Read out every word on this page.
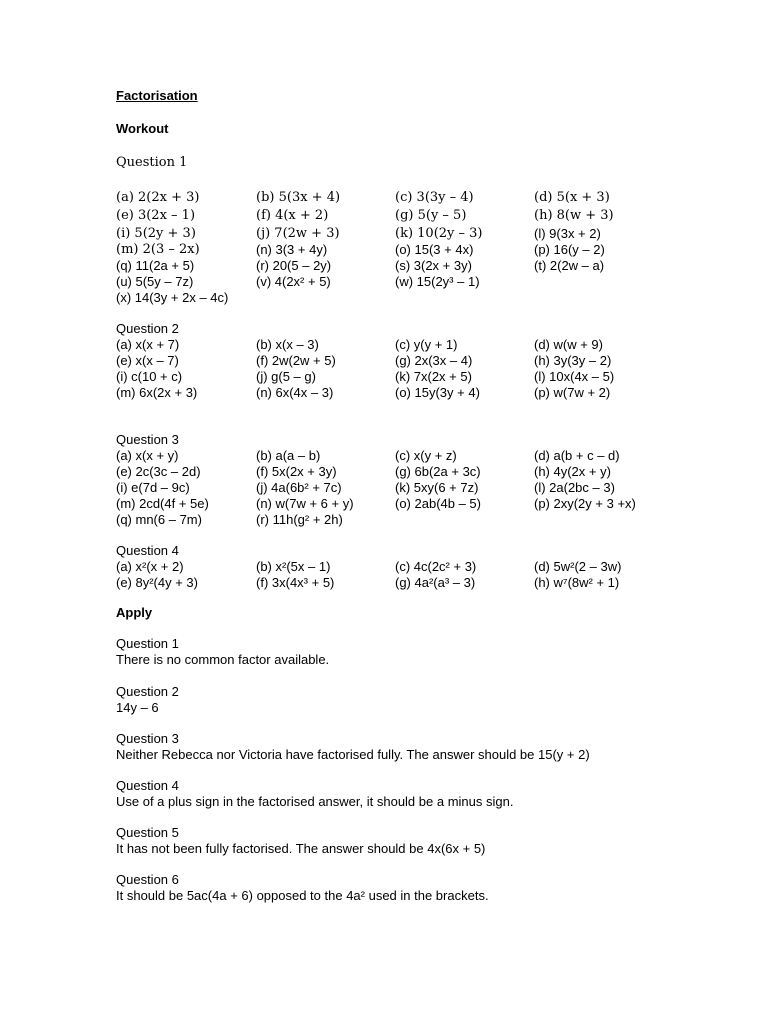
Factorisation

Workout

Question 1

(a) 2(2x + 3)	(b) 5(3x + 4)	(c) 3(3y – 4)	(d) 5(x + 3)
(e) 3(2x – 1)	(f) 4(x + 2)	(g) 5(y – 5)	(h) 8(w + 3)
(i) 5(2y + 3)	(j) 7(2w + 3)	(k) 10(2y – 3)	(l) 9(3x + 2)
(m) 2(3 – 2x)	(n) 3(3 + 4y)	(o) 15(3 + 4x)	(p) 16(y – 2)
(q) 11(2a + 5)	(r) 20(5 – 2y)	(s) 3(2x + 3y)	(t) 2(2w – a)
(u) 5(5y – 7z)	(v) 4(2x² + 5)	(w) 15(2y³ – 1)
(x) 14(3y + 2x – 4c)

Question 2

(a) x(x + 7)	(b) x(x – 3)	(c) y(y + 1)	(d) w(w + 9)
(e) x(x – 7)	(f) 2w(2w + 5)	(g) 2x(3x – 4)	(h) 3y(3y – 2)
(i) c(10 + c)	(j) g(5 – g)	(k) 7x(2x + 5)	(l) 10x(4x – 5)
(m) 6x(2x + 3)	(n) 6x(4x – 3)	(o) 15y(3y + 4)	(p) w(7w + 2)

Question 3

(a) x(x + y)	(b) a(a – b)	(c) x(y + z)	(d) a(b + c – d)
(e) 2c(3c – 2d)	(f) 5x(2x + 3y)	(g) 6b(2a + 3c)	(h) 4y(2x + y)
(i) e(7d – 9c)	(j) 4a(6b² + 7c)	(k) 5xy(6 + 7z)	(l) 2a(2bc – 3)
(m) 2cd(4f + 5e)	(n) w(7w + 6 + y)	(o) 2ab(4b – 5)	(p) 2xy(2y + 3 +x)
(q) mn(6 – 7m)	(r) 11h(g² + 2h)

Question 4

(a) x²(x + 2)	(b) x²(5x – 1)	(c) 4c(2c² + 3)	(d) 5w²(2 – 3w)
(e) 8y²(4y + 3)	(f) 3x(4x³ + 5)	(g) 4a²(a³ – 3)	(h) w⁷(8w² + 1)

Apply

Question 1

There is no common factor available.

Question 2

14y – 6

Question 3

Neither Rebecca nor Victoria have factorised fully. The answer should be 15(y + 2)

Question 4

Use of a plus sign in the factorised answer, it should be a minus sign.

Question 5

It has not been fully factorised. The answer should be 4x(6x + 5)

Question 6

It should be 5ac(4a + 6) opposed to the 4a² used in the brackets.
